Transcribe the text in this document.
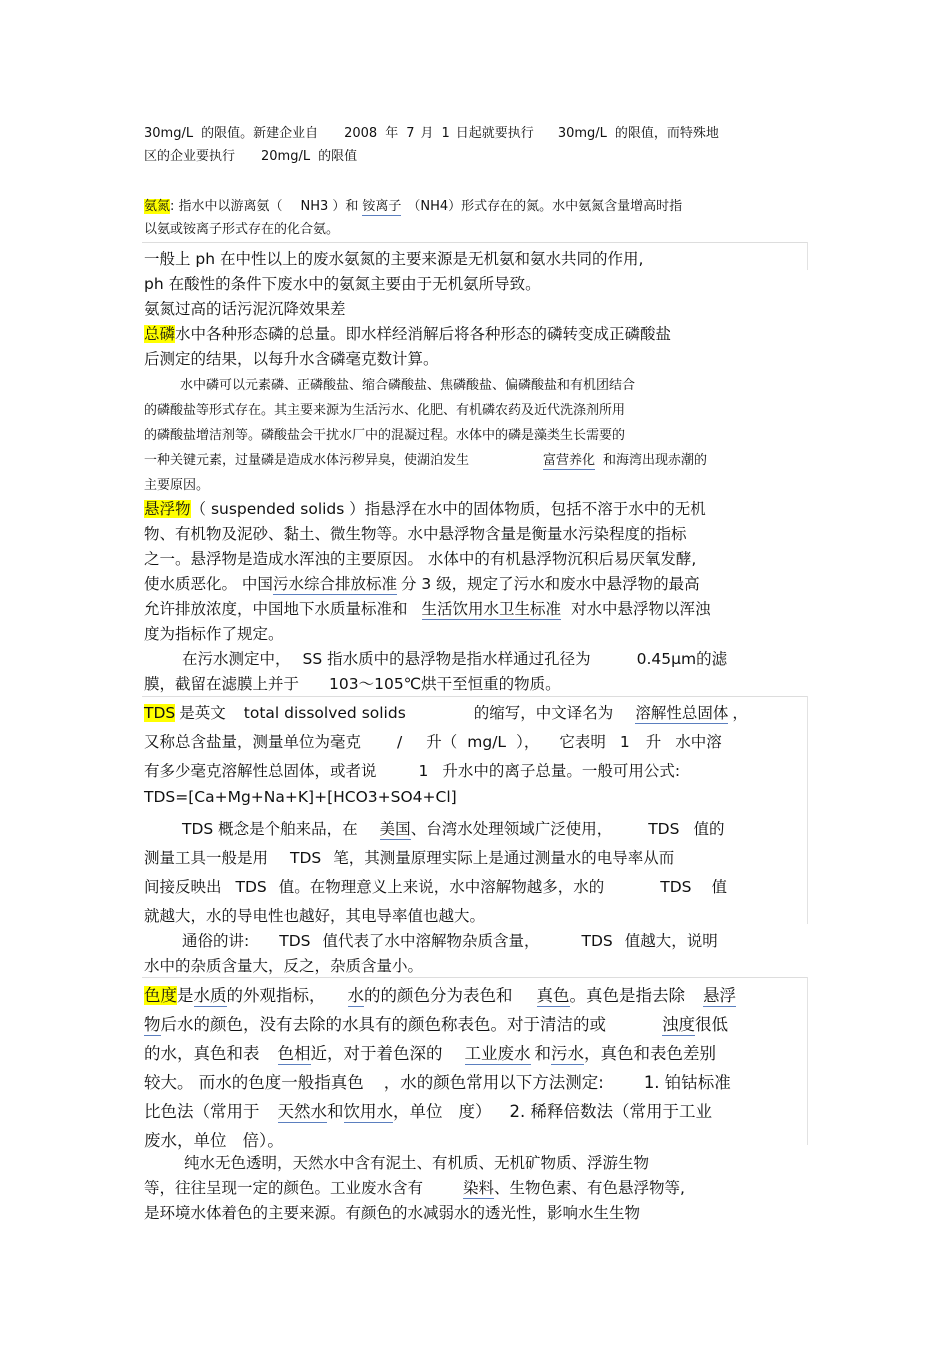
30mg/L 的限值。新建企业自 2008 年 7 月 1 日起就要执行 30mg/L 的限值，而特殊地
区的企业要执行 20mg/L 的限值
氨氮: 指水中以游离氨（ NH3 ）和 铵离子 （NH4）形式存在的氮。水中氨氮含量增高时指
以氨或铵离子形式存在的化合氨。
一般上 ph 在中性以上的废水氨氮的主要来源是无机氨和氨水共同的作用,
ph 在酸性的条件下废水中的氨氮主要由于无机氨所导致。
氨氮过高的话污泥沉降效果差
总磷水中各种形态磷的总量。即水样经消解后将各种形态的磷转变成正磷酸盐
后测定的结果，以每升水含磷毫克数计算。
水中磷可以元素磷、正磷酸盐、缩合磷酸盐、焦磷酸盐、偏磷酸盐和有机团结合
的磷酸盐等形式存在。其主要来源为生活污水、化肥、有机磷农药及近代洗涤剂所用
的磷酸盐增洁剂等。磷酸盐会干扰水厂中的混凝过程。水体中的磷是藻类生长需要的
一种关键元素，过量磷是造成水体污秽异臭，使湖泊发生	富营养化 和海湾出现赤潮的
主要原因。
悬浮物（ suspended solids ）指悬浮在水中的固体物质，包括不溶于水中的无机
物、有机物及泥砂、黏土、微生物等。水中悬浮物含量是衡量水污染程度的指标
之一。悬浮物是造成水浑浊的主要原因。 水体中的有机悬浮物沉积后易厌氧发酵,
使水质恶化。 中国污水综合排放标准 分 3 级，规定了污水和废水中悬浮物的最高
允许排放浓度，中国地下水质量标准和 生活饮用水卫生标准 对水中悬浮物以浑浊
度为指标作了规定。
在污水测定中， SS 指水质中的悬浮物是指水样通过孔径为	0.45μm的滤
膜，截留在滤膜上并于 103～105℃烘干至恒重的物质。
TDS 是英文 total dissolved solids	的缩写，中文译名为 溶解性总固体 ，
又称总含盐量，测量单位为毫克 / 升（ mg/L ）， 它表明 1 升 水中溶
有多少毫克溶解性总固体，或者说	1 升水中的离子总量。一般可用公式:
TDS=[Ca+Mg+Na+K]+[HCO3+SO4+Cl]
TDS 概念是个舶来品，在 美国、台湾水处理领域广泛使用， TDS 值的
测量工具一般是用 TDS 笔，其测量原理实际上是通过测量水的电导率从而
间接反映出 TDS 值。在物理意义上来说，水中溶解物越多，水的	TDS 值
就越大，水的导电性也越好，其电导率值也越大。
通俗的讲: TDS 值代表了水中溶解物杂质含量，	TDS 值越大，说明
水中的杂质含量大，反之，杂质含量小。
色度是水质的外观指标， 水的的颜色分为表色和 真色。真色是指去除 悬浮
物后水的颜色，没有去除的水具有的颜色称表色。对于清洁的或	浊度很低
的水，真色和表 色相近，对于着色深的 工业废水 和污水，真色和表色差别
较大。 而水的色度一般指真色 ，水的颜色常用以下方法测定: 1. 铂钴标准
比色法（常用于 天然水和饮用水，单位 度） 2. 稀释倍数法（常用于工业
废水，单位 倍）。
纯水无色透明，天然水中含有泥土、有机质、无机矿物质、浮游生物
等，往往呈现一定的颜色。工业废水含有	染料、生物色素、有色悬浮物等,
是环境水体着色的主要来源。有颜色的水减弱水的透光性，影响水生生物
